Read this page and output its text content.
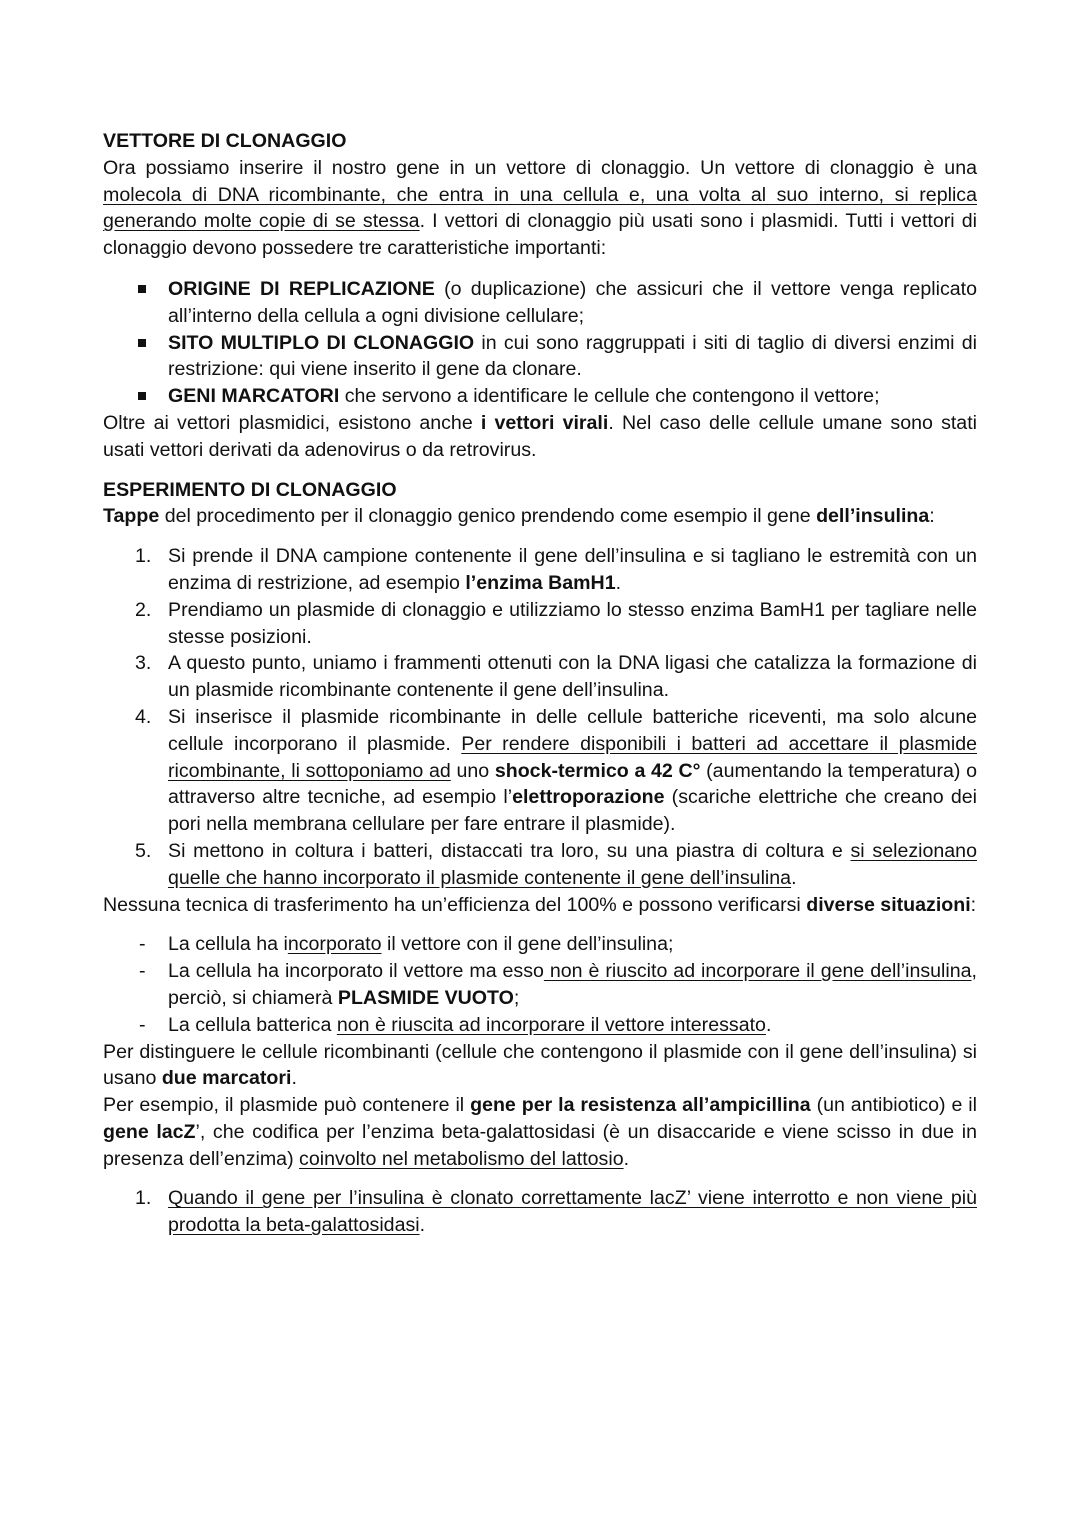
VETTORE DI CLONAGGIO

Ora possiamo inserire il nostro gene in un vettore di clonaggio. Un vettore di clonaggio è una molecola di DNA ricombinante, che entra in una cellula e, una volta al suo interno, si replica generando molte copie di se stessa. I vettori di clonaggio più usati sono i plasmidi. Tutti i vettori di clonaggio devono possedere tre caratteristiche importanti:

ORIGINE DI REPLICAZIONE (o duplicazione) che assicuri che il vettore venga replicato all’interno della cellula a ogni divisione cellulare;
SITO MULTIPLO DI CLONAGGIO in cui sono raggruppati i siti di taglio di diversi enzimi di restrizione: qui viene inserito il gene da clonare.
GENI MARCATORI che servono a identificare le cellule che contengono il vettore;

Oltre ai vettori plasmidici, esistono anche i vettori virali. Nel caso delle cellule umane sono stati usati vettori derivati da adenovirus o da retrovirus.

ESPERIMENTO DI CLONAGGIO

Tappe del procedimento per il clonaggio genico prendendo come esempio il gene dell’insulina:

1. Si prende il DNA campione contenente il gene dell’insulina e si tagliano le estremità con un enzima di restrizione, ad esempio l’enzima BamH1.
2. Prendiamo un plasmide di clonaggio e utilizziamo lo stesso enzima BamH1 per tagliare nelle stesse posizioni.
3. A questo punto, uniamo i frammenti ottenuti con la DNA ligasi che catalizza la formazione di un plasmide ricombinante contenente il gene dell’insulina.
4. Si inserisce il plasmide ricombinante in delle cellule batteriche riceventi, ma solo alcune cellule incorporano il plasmide. Per rendere disponibili i batteri ad accettare il plasmide ricombinante, li sottoponiamo ad uno shock-termico a 42 C° (aumentando la temperatura) o attraverso altre tecniche, ad esempio l’elettroporazione (scariche elettriche che creano dei pori nella membrana cellulare per fare entrare il plasmide).
5. Si mettono in coltura i batteri, distaccati tra loro, su una piastra di coltura e si selezionano quelle che hanno incorporato il plasmide contenente il gene dell’insulina.

Nessuna tecnica di trasferimento ha un’efficienza del 100% e possono verificarsi diverse situazioni:

- La cellula ha incorporato il vettore con il gene dell’insulina;
- La cellula ha incorporato il vettore ma esso non è riuscito ad incorporare il gene dell’insulina, perciò, si chiamerà PLASMIDE VUOTO;
- La cellula batterica non è riuscita ad incorporare il vettore interessato.

Per distinguere le cellule ricombinanti (cellule che contengono il plasmide con il gene dell’insulina) si usano due marcatori.

Per esempio, il plasmide può contenere il gene per la resistenza all’ampicillina (un antibiotico) e il gene lacZ’, che codifica per l’enzima beta-galattosidasi (è un disaccaride e viene scisso in due in presenza dell’enzima) coinvolto nel metabolismo del lattosio.

1. Quando il gene per l’insulina è clonato correttamente lacZ’ viene interrotto e non viene più prodotta la beta-galattosidasi.
